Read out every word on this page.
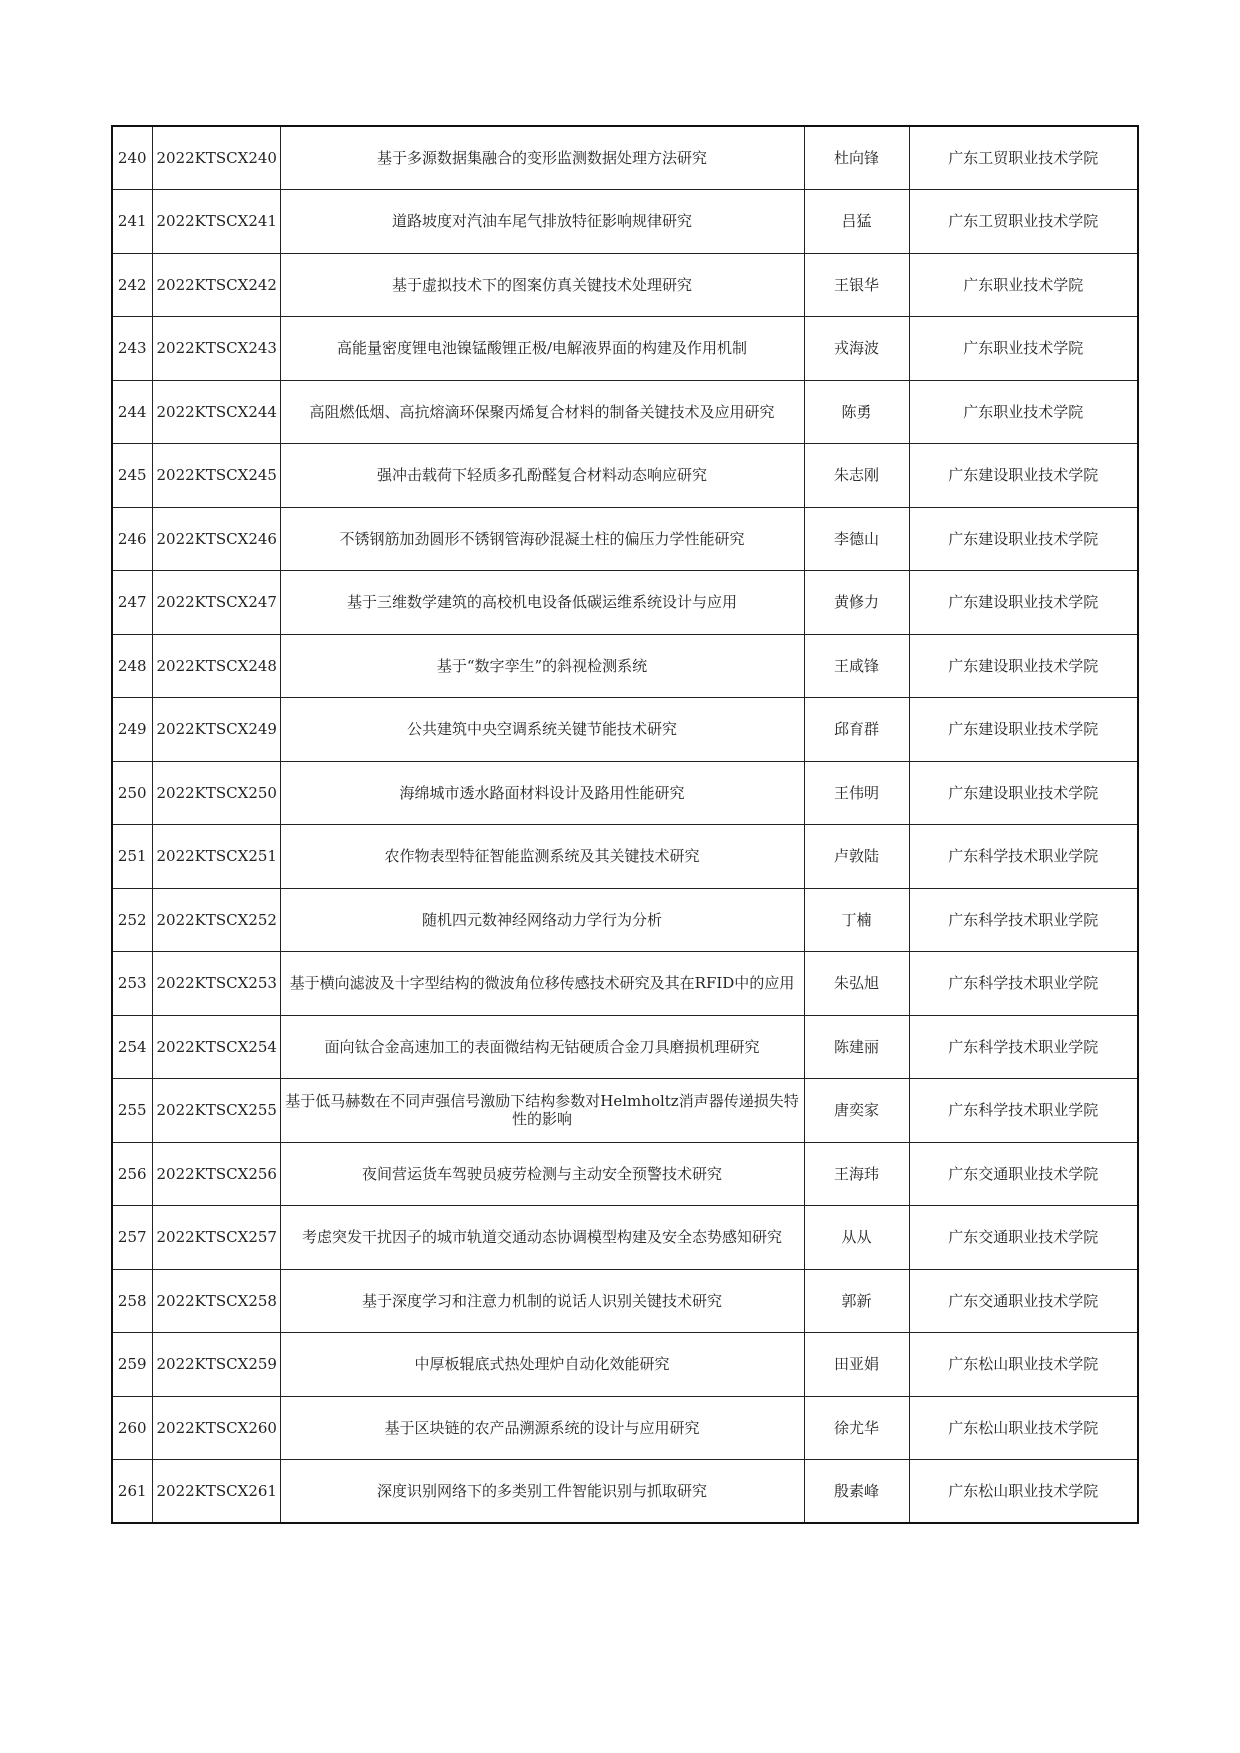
240	2022KTSCX240	基于多源数据集融合的变形监测数据处理方法研究	杜向锋	广东工贸职业技术学院
241	2022KTSCX241	道路坡度对汽油车尾气排放特征影响规律研究	吕猛	广东工贸职业技术学院
242	2022KTSCX242	基于虚拟技术下的图案仿真关键技术处理研究	王银华	广东职业技术学院
243	2022KTSCX243	高能量密度锂电池镍锰酸锂正极/电解液界面的构建及作用机制	戎海波	广东职业技术学院
244	2022KTSCX244	高阻燃低烟、高抗熔滴环保聚丙烯复合材料的制备关键技术及应用研究	陈勇	广东职业技术学院
245	2022KTSCX245	强冲击载荷下轻质多孔酚醛复合材料动态响应研究	朱志刚	广东建设职业技术学院
246	2022KTSCX246	不锈钢筋加劲圆形不锈钢管海砂混凝土柱的偏压力学性能研究	李德山	广东建设职业技术学院
247	2022KTSCX247	基于三维数学建筑的高校机电设备低碳运维系统设计与应用	黄修力	广东建设职业技术学院
248	2022KTSCX248	基于“数字孪生”的斜视检测系统	王咸锋	广东建设职业技术学院
249	2022KTSCX249	公共建筑中央空调系统关键节能技术研究	邱育群	广东建设职业技术学院
250	2022KTSCX250	海绵城市透水路面材料设计及路用性能研究	王伟明	广东建设职业技术学院
251	2022KTSCX251	农作物表型特征智能监测系统及其关键技术研究	卢敦陆	广东科学技术职业学院
252	2022KTSCX252	随机四元数神经网络动力学行为分析	丁楠	广东科学技术职业学院
253	2022KTSCX253	基于横向滤波及十字型结构的微波角位移传感技术研究及其在RFID中的应用	朱弘旭	广东科学技术职业学院
254	2022KTSCX254	面向钛合金高速加工的表面微结构无钴硬质合金刀具磨损机理研究	陈建丽	广东科学技术职业学院
255	2022KTSCX255	基于低马赫数在不同声强信号激励下结构参数对Helmholtz消声器传递损失特性的影响	唐奕家	广东科学技术职业学院
256	2022KTSCX256	夜间营运货车驾驶员疲劳检测与主动安全预警技术研究	王海玮	广东交通职业技术学院
257	2022KTSCX257	考虑突发干扰因子的城市轨道交通动态协调模型构建及安全态势感知研究	从从	广东交通职业技术学院
258	2022KTSCX258	基于深度学习和注意力机制的说话人识别关键技术研究	郭新	广东交通职业技术学院
259	2022KTSCX259	中厚板辊底式热处理炉自动化效能研究	田亚娟	广东松山职业技术学院
260	2022KTSCX260	基于区块链的农产品溯源系统的设计与应用研究	徐尤华	广东松山职业技术学院
261	2022KTSCX261	深度识别网络下的多类别工件智能识别与抓取研究	殷素峰	广东松山职业技术学院
